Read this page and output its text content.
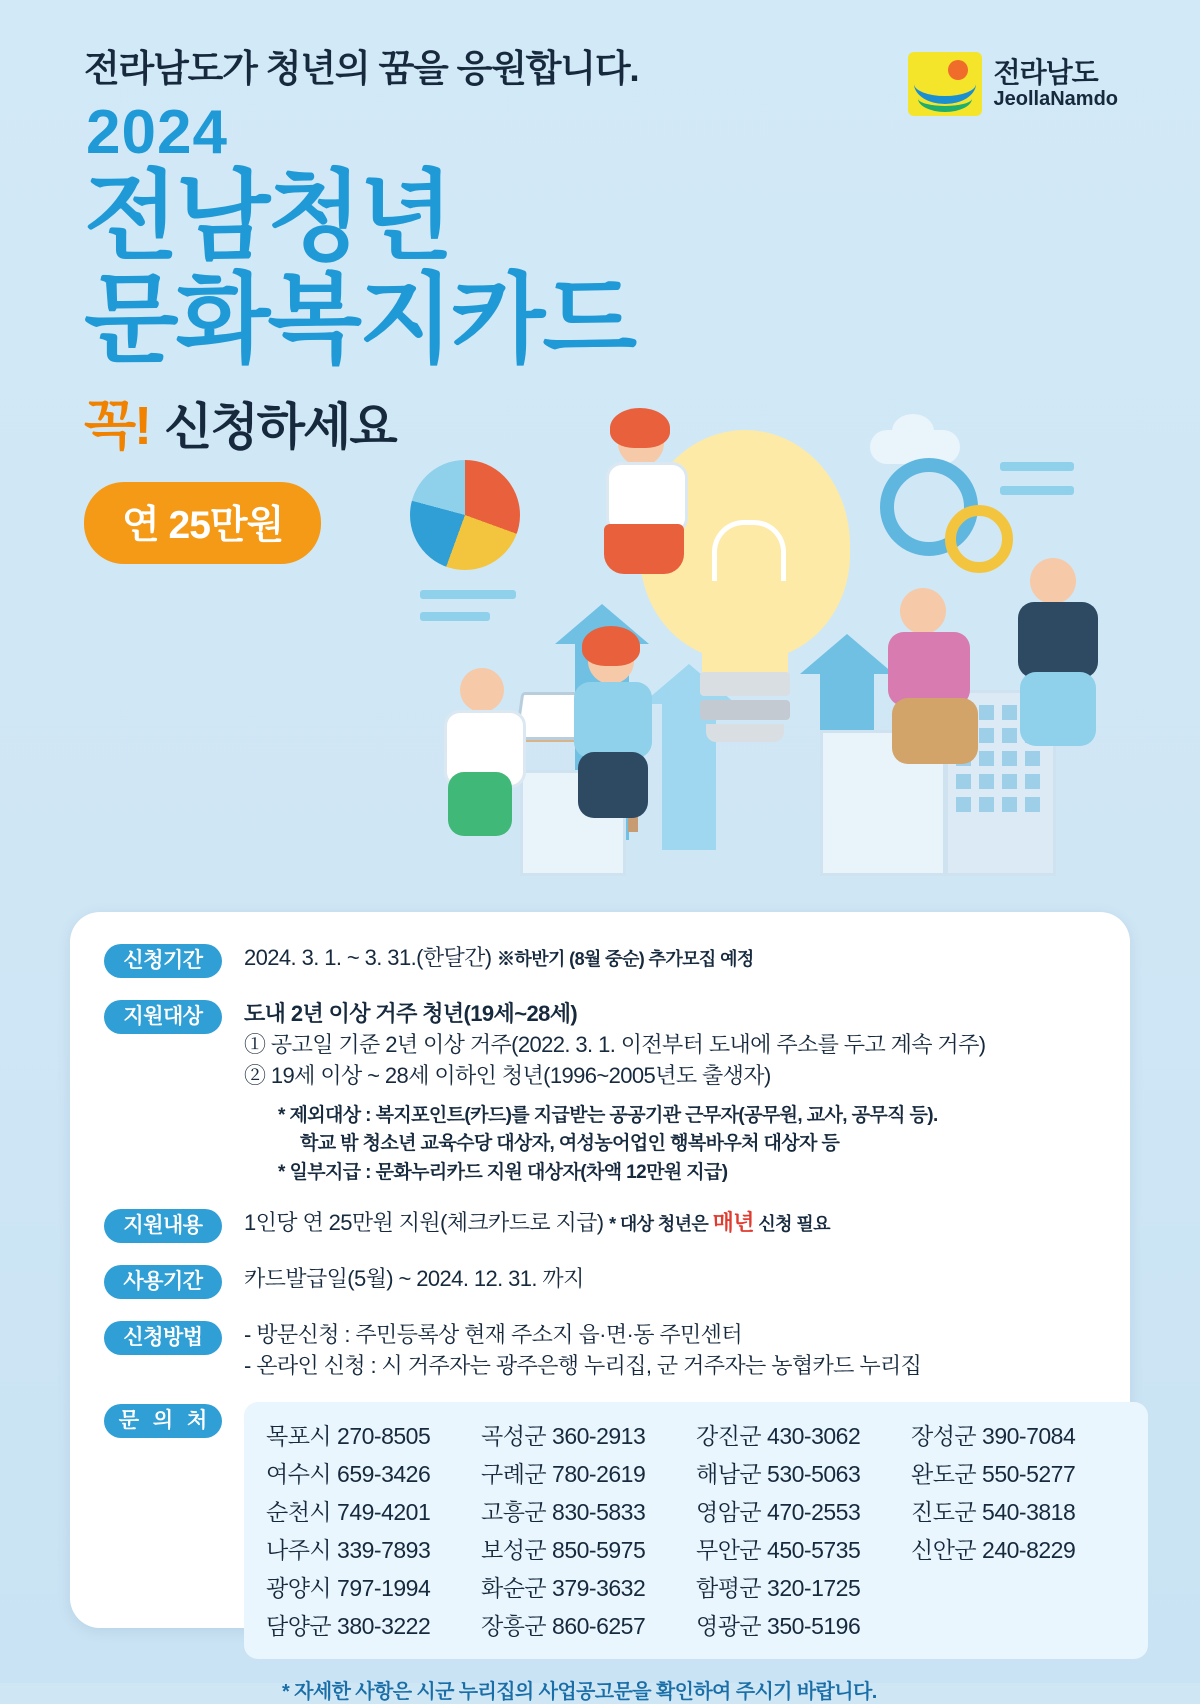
전라남도가 청년의 꿈을 응원합니다.
2024
전남청년
문화복지카드
꼭! 신청하세요
연 25만원
전라남도
JeollaNamdo
신청기간	2024. 3. 1. ~ 3. 31.(한달간) ※하반기 (8월 중순) 추가모집 예정
지원대상	도내 2년 이상 거주 청년(19세~28세)
① 공고일 기준 2년 이상 거주(2022. 3. 1. 이전부터 도내에 주소를 두고 계속 거주)
② 19세 이상 ~ 28세 이하인 청년(1996~2005년도 출생자)
* 제외대상 : 복지포인트(카드)를 지급받는 공공기관 근무자(공무원, 교사, 공무직 등).
학교 밖 청소년 교육수당 대상자, 여성농어업인 행복바우처 대상자 등
* 일부지급 : 문화누리카드 지원 대상자(차액 12만원 지급)
지원내용	1인당 연 25만원 지원(체크카드로 지급) * 대상 청년은 매년 신청 필요
사용기간	카드발급일(5월) ~ 2024. 12. 31. 까지
신청방법	- 방문신청 : 주민등록상 현재 주소지 읍·면·동 주민센터
- 온라인 신청 : 시 거주자는 광주은행 누리집, 군 거주자는 농협카드 누리집
문 의 처
목포시 270-8505	곡성군 360-2913	강진군 430-3062	장성군 390-7084
여수시 659-3426	구례군 780-2619	해남군 530-5063	완도군 550-5277
순천시 749-4201	고흥군 830-5833	영암군 470-2553	진도군 540-3818
나주시 339-7893	보성군 850-5975	무안군 450-5735	신안군 240-8229
광양시 797-1994	화순군 379-3632	함평군 320-1725
담양군 380-3222	장흥군 860-6257	영광군 350-5196
* 자세한 사항은 시군 누리집의 사업공고문을 확인하여 주시기 바랍니다.
